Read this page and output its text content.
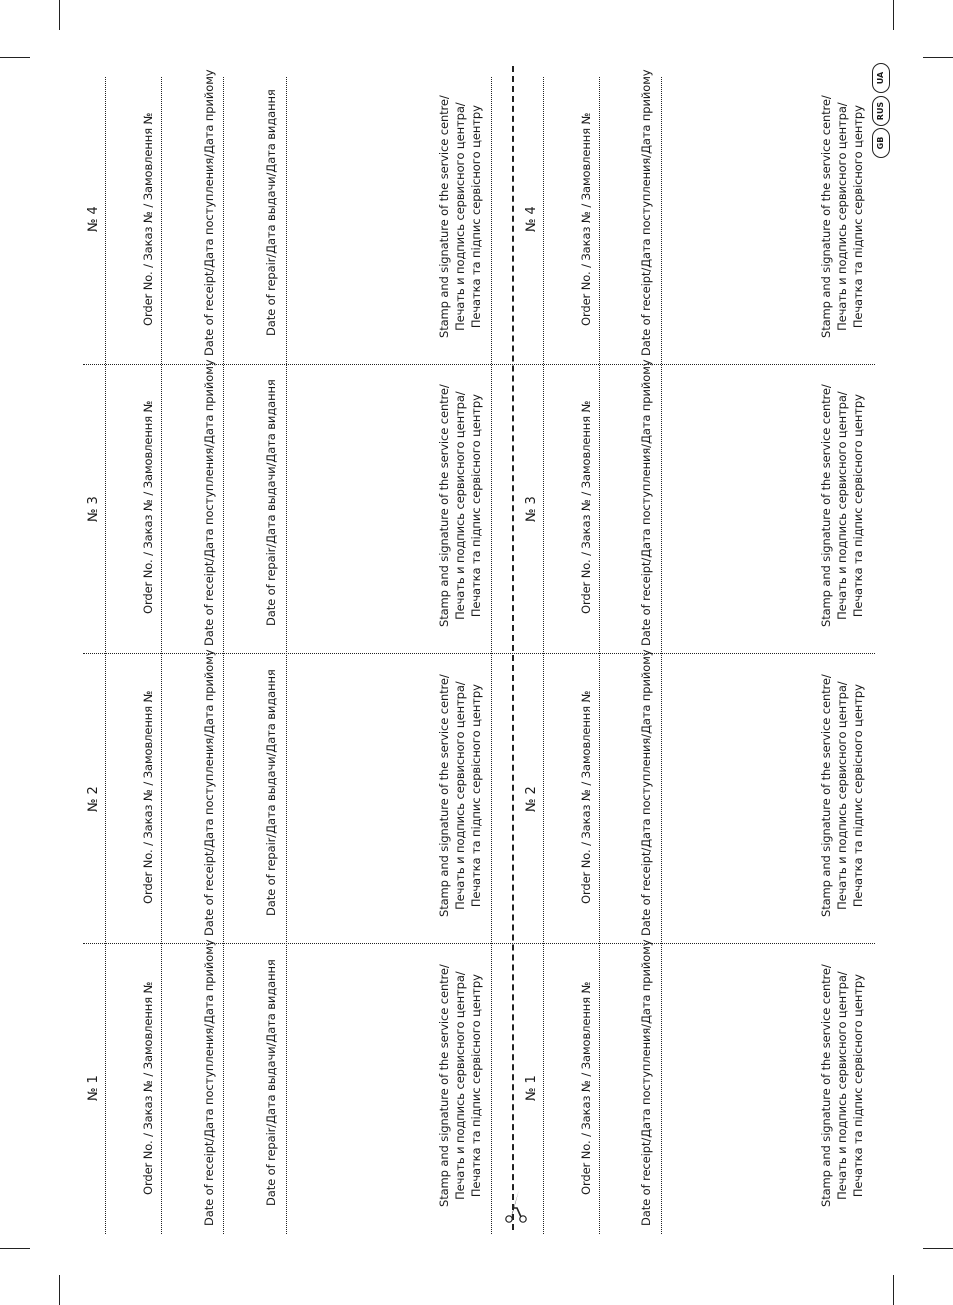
№ 1	Order No. / Заказ № / Замовлення №	Date of receipt/Дата поступления/Дата прийому	Date of repair/Дата выдачи/Дата видання	Stamp and signature of the service centre/ Печать и подпись сервисного центра/ Печатка та підпис сервісного центру	№ 1	Order No. / Заказ № / Замовлення №	Date of receipt/Дата поступления/Дата прийому	Stamp and signature of the service centre/ Печать и подпись сервисного центра/ Печатка та підпис сервісного центру
№ 2	Order No. / Заказ № / Замовлення №	Date of receipt/Дата поступления/Дата прийому	Date of repair/Дата выдачи/Дата видання	Stamp and signature of the service centre/ Печать и подпись сервисного центра/ Печатка та підпис сервісного центру	№ 2	Order No. / Заказ № / Замовлення №	Date of receipt/Дата поступления/Дата прийому	Stamp and signature of the service centre/ Печать и подпись сервисного центра/ Печатка та підпис сервісного центру
№ 3	Order No. / Заказ № / Замовлення №	Date of receipt/Дата поступления/Дата прийому	Date of repair/Дата выдачи/Дата видання	Stamp and signature of the service centre/ Печать и подпись сервисного центра/ Печатка та підпис сервісного центру	№ 3	Order No. / Заказ № / Замовлення №	Date of receipt/Дата поступления/Дата прийому	Stamp and signature of the service centre/ Печать и подпись сервисного центра/ Печатка та підпис сервісного центру
№ 4	Order No. / Заказ № / Замовлення №	Date of receipt/Дата поступления/Дата прийому	Date of repair/Дата выдачи/Дата видання	Stamp and signature of the service centre/ Печать и подпись сервисного центра/ Печатка та підпис сервісного центру	№ 4	Order No. / Заказ № / Замовлення №	Date of receipt/Дата поступления/Дата прийому	Stamp and signature of the service centre/ Печать и подпись сервисного центра/ Печатка та підпис сервісного центру	GB
RUS
UA
